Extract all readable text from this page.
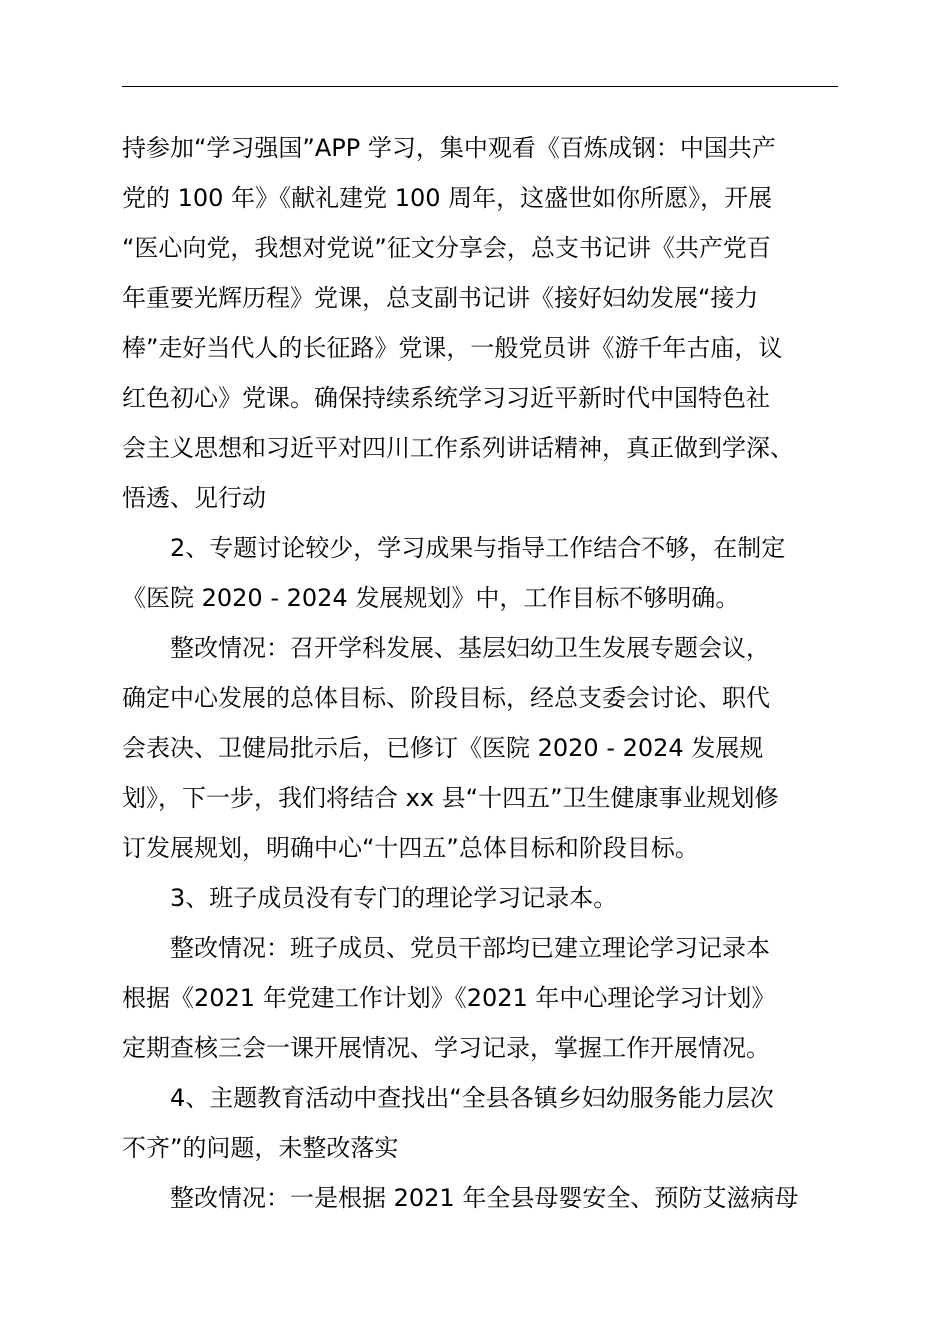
持参加“学习强国”APP 学习，集中观看《百炼成钢：中国共产
党的 100 年》《献礼建党 100 周年，这盛世如你所愿》，开展
“医心向党，我想对党说”征文分享会，总支书记讲《共产党百
年重要光辉历程》党课，总支副书记讲《接好妇幼发展“接力
棒”走好当代人的长征路》党课，一般党员讲《游千年古庙，议
红色初心》党课。确保持续系统学习习近平新时代中国特色社
会主义思想和习近平对四川工作系列讲话精神，真正做到学深、
悟透、见行动
2、专题讨论较少，学习成果与指导工作结合不够，在制定
《医院 2020 - 2024 发展规划》中，工作目标不够明确。
整改情况：召开学科发展、基层妇幼卫生发展专题会议，
确定中心发展的总体目标、阶段目标，经总支委会讨论、职代
会表决、卫健局批示后，已修订《医院 2020 - 2024 发展规
划》，下一步，我们将结合 xx 县“十四五”卫生健康事业规划修
订发展规划，明确中心“十四五”总体目标和阶段目标。
3、班子成员没有专门的理论学习记录本。
整改情况：班子成员、党员干部均已建立理论学习记录本
根据《2021 年党建工作计划》《2021 年中心理论学习计划》
定期查核三会一课开展情况、学习记录，掌握工作开展情况。
4、主题教育活动中查找出“全县各镇乡妇幼服务能力层次
不齐”的问题，未整改落实
整改情况：一是根据 2021 年全县母婴安全、预防艾滋病母
